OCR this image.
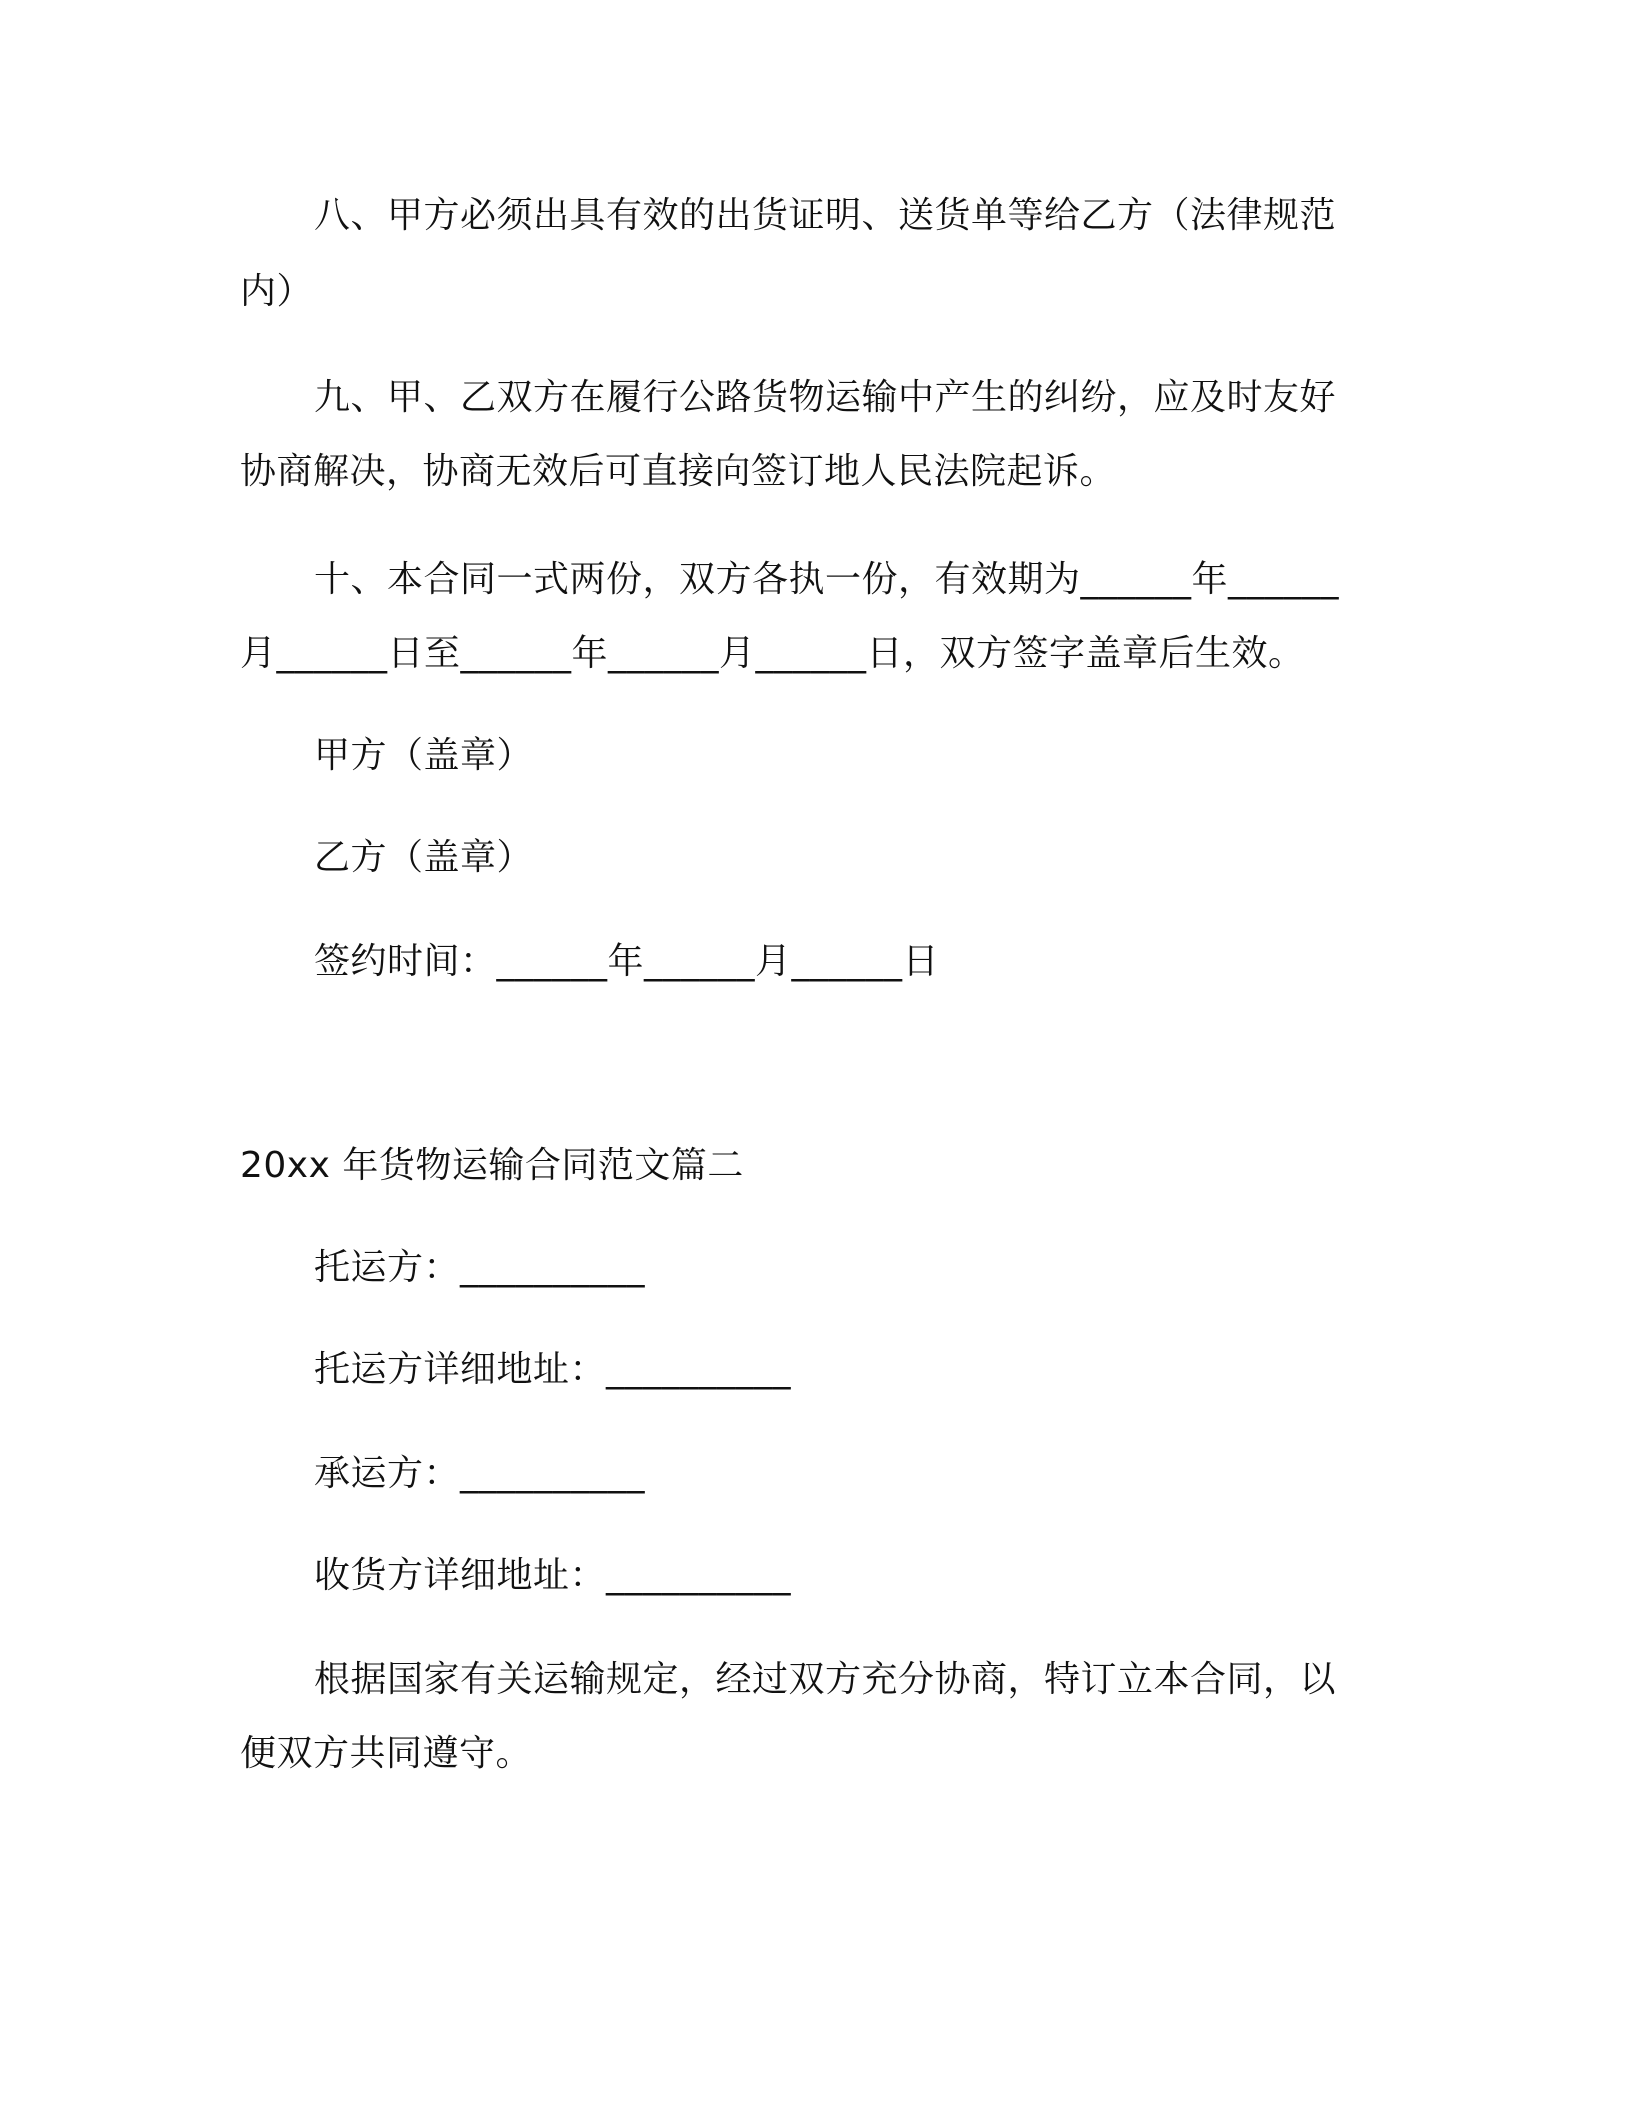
八、甲方必须出具有效的出货证明、送货单等给乙方（法律规范
内）
九、甲、乙双方在履行公路货物运输中产生的纠纷，应及时友好
协商解决，协商无效后可直接向签订地人民法院起诉。
十、本合同一式两份，双方各执一份，有效期为______年______
月______日至______年______月______日，双方签字盖章后生效。
甲方（盖章）
乙方（盖章）
签约时间：______年______月______日
20xx 年货物运输合同范文篇二
托运方：__________
托运方详细地址：__________
承运方：__________
收货方详细地址：__________
根据国家有关运输规定，经过双方充分协商，特订立本合同，以
便双方共同遵守。
